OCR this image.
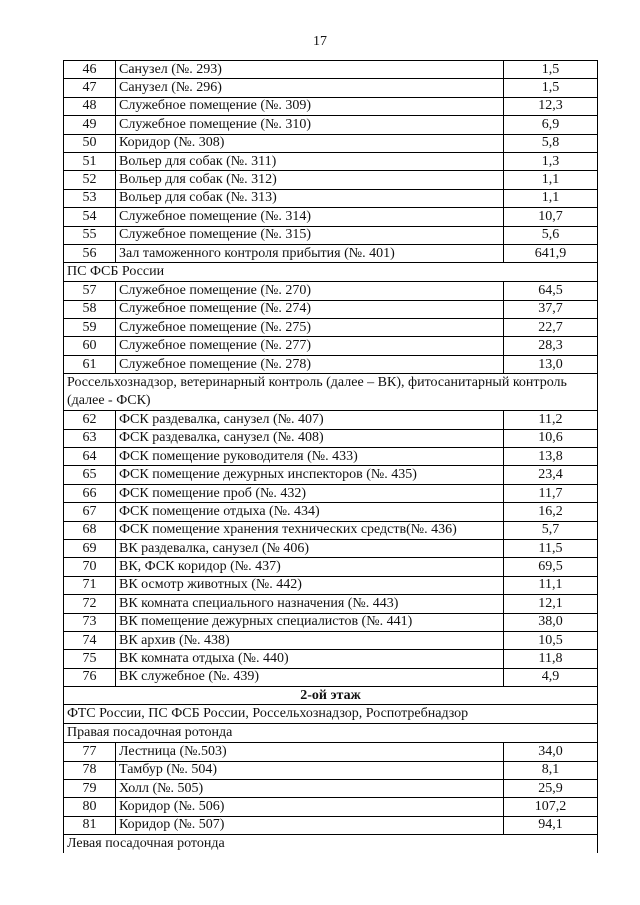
17
46	Санузел (№. 293)	1,5
47	Санузел (№. 296)	1,5
48	Служебное помещение (№. 309)	12,3
49	Служебное помещение (№. 310)	6,9
50	Коридор (№. 308)	5,8
51	Вольер для собак (№. 311)	1,3
52	Вольер для собак (№. 312)	1,1
53	Вольер для собак (№. 313)	1,1
54	Служебное помещение (№. 314)	10,7
55	Служебное помещение (№. 315)	5,6
56	Зал таможенного контроля прибытия (№. 401)	641,9
ПС ФСБ России		
57	Служебное помещение (№. 270)	64,5
58	Служебное помещение (№. 274)	37,7
59	Служебное помещение (№. 275)	22,7
60	Служебное помещение (№. 277)	28,3
61	Служебное помещение (№. 278)	13,0
Россельхознадзор, ветеринарный контроль (далее – ВК), фитосанитарный контроль (далее - ФСК)		
62	ФСК раздевалка, санузел (№. 407)	11,2
63	ФСК раздевалка, санузел (№. 408)	10,6
64	ФСК помещение руководителя (№. 433)	13,8
65	ФСК помещение дежурных инспекторов (№. 435)	23,4
66	ФСК помещение проб (№. 432)	11,7
67	ФСК помещение отдыха (№. 434)	16,2
68	ФСК помещение хранения технических средств(№. 436)	5,7
69	ВК раздевалка, санузел (№ 406)	11,5
70	ВК, ФСК коридор (№. 437)	69,5
71	ВК осмотр животных (№. 442)	11,1
72	ВК комната специального назначения (№. 443)	12,1
73	ВК помещение дежурных специалистов (№. 441)	38,0
74	ВК архив (№. 438)	10,5
75	ВК комната отдыха (№. 440)	11,8
76	ВК служебное (№. 439)	4,9
2-ой этаж		
ФТС России, ПС ФСБ России, Россельхознадзор, Роспотребнадзор		
Правая посадочная ротонда		
77	Лестница (№.503)	34,0
78	Тамбур (№. 504)	8,1
79	Холл (№. 505)	25,9
80	Коридор (№. 506)	107,2
81	Коридор (№. 507)	94,1
Левая посадочная ротонда		
